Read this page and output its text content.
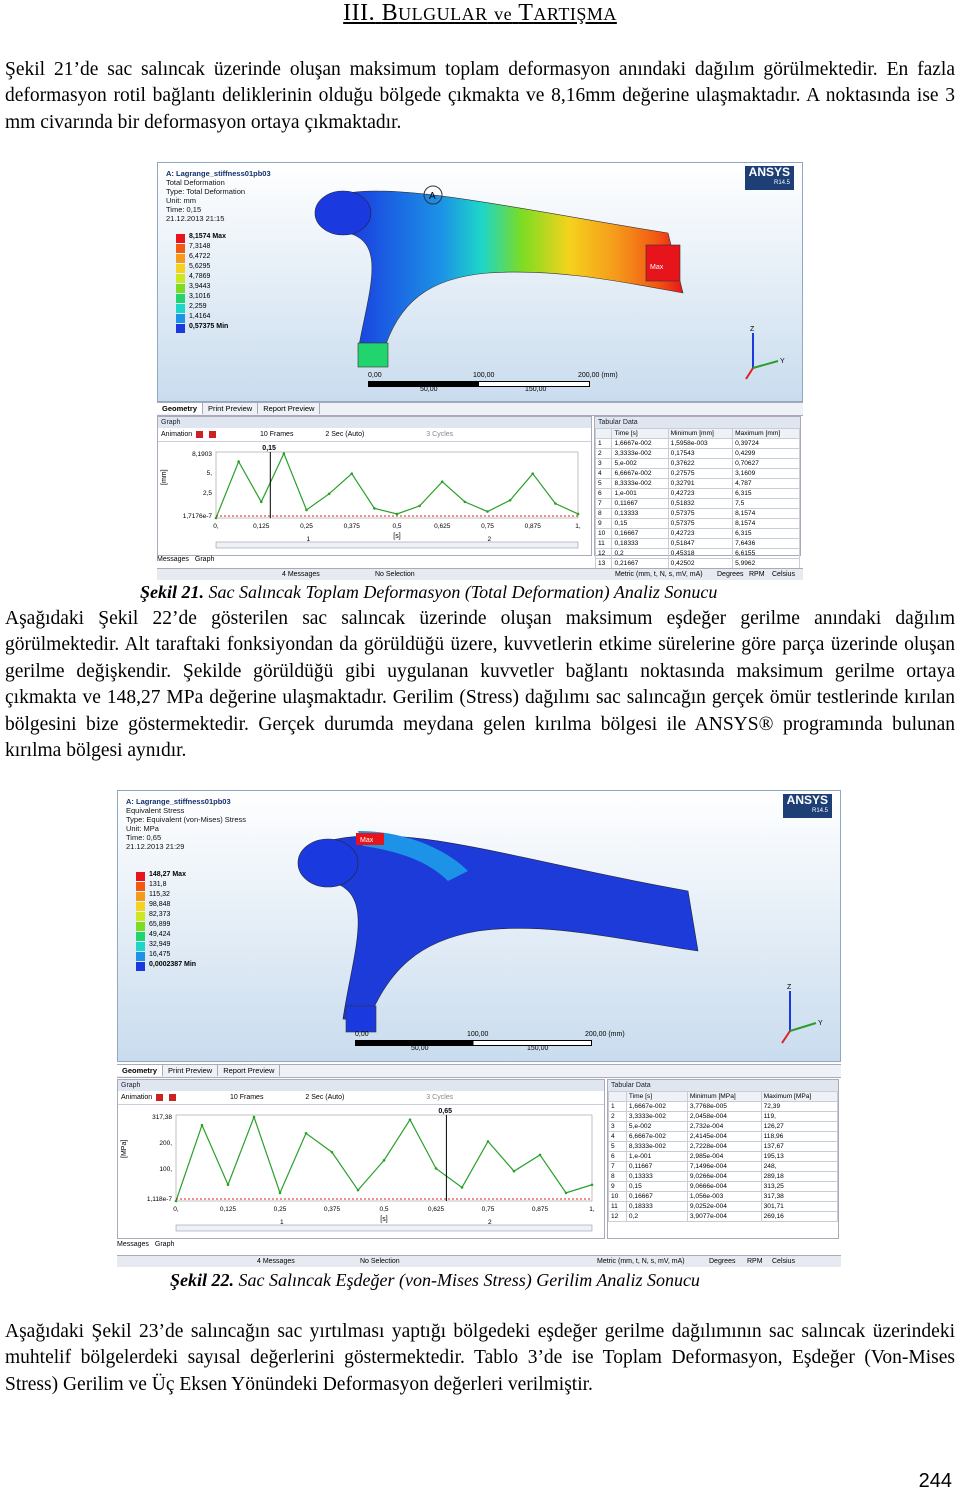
III. BULGULAR ve TARTIŞMA
Şekil 21’de sac salıncak üzerinde oluşan maksimum toplam deformasyon anındaki dağılım görülmektedir. En fazla deformasyon rotil bağlantı deliklerinin olduğu bölgede çıkmakta ve 8,16mm değerine ulaşmaktadır. A noktasında ise 3 mm civarında bir deformasyon ortaya çıkmaktadır.
A: Lagrange_stiffness01pb03
Total Deformation
Type: Total Deformation
Unit: mm
Time: 0,15
21.12.2013 21:15
8,1574 Max
7,3148
6,4722
5,6295
4,7869
3,9443
3,1016
2,259
1,4164
0,57375 Min
ANSYS
R14.5
A
Max
0,00	100,00	200,00 (mm)
50,00	150,00
Z
Y
Geometry Print Preview Report Preview
Graph
Animation	10 Frames	2 Sec (Auto)	3 Cycles
[mm]
8,1903
5,
2,5
1,7176e-7
0,	0,125	0,25	0,375	0,5	0,625	0,75	0,875	1,
[s]
0,15
1	2
Tabular Data
	Time [s]	Minimum [mm]	Maximum [mm]
1	1,6667e-002	1,5958e-003	0,39724
2	3,3333e-002	0,17543	0,4299
3	5,e-002	0,37622	0,70627
4	6,6667e-002	0,27575	3,1609
5	8,3333e-002	0,32791	4,787
6	1,e-001	0,42723	6,315
7	0,11667	0,51832	7,5
8	0,13333	0,57375	8,1574
9	0,15	0,57375	8,1574
10	0,16667	0,42723	6,315
11	0,18333	0,51847	7,6436
12	0,2	0,45318	6,6155
13	0,21667	0,42502	5,9962
Messages Graph
4 Messages	No Selection	Metric (mm, t, N, s, mV, mA) Degrees RPM Celsius
Şekil 21. Sac Salıncak Toplam Deformasyon (Total Deformation) Analiz Sonucu
Aşağıdaki Şekil 22’de gösterilen sac salıncak üzerinde oluşan maksimum eşdeğer gerilme anındaki dağılım görülmektedir. Alt taraftaki fonksiyondan da görüldüğü üzere, kuvvetlerin etkime sürelerine göre parça üzerinde oluşan gerilme değişkendir. Şekilde görüldüğü gibi uygulanan kuvvetler bağlantı noktasında maksimum gerilme ortaya çıkmakta ve 148,27 MPa değerine ulaşmaktadır. Gerilim (Stress) dağılımı sac salıncağın gerçek ömür testlerinde kırılan bölgesini bize göstermektedir. Gerçek durumda meydana gelen kırılma bölgesi ile ANSYS® programında bulunan kırılma bölgesi aynıdır.
A: Lagrange_stiffness01pb03
Equivalent Stress
Type: Equivalent (von-Mises) Stress
Unit: MPa
Time: 0,65
21.12.2013 21:29
148,27 Max
131,8
115,32
98,848
82,373
65,899
49,424
32,949
16,475
0,0002387 Min
ANSYS
R14.5
Max
0,00	100,00	200,00 (mm)
50,00	150,00
Z
Y
Geometry Print Preview Report Preview
Graph
Animation	10 Frames	2 Sec (Auto)	3 Cycles
[MPa]
317,38
200,
100,
1,118e-7
0,	0,125	0,25	0,375	0,5	0,625	0,75	0,875	1,
[s]
0,65
1	2
Tabular Data
	Time [s]	Minimum [MPa]	Maximum [MPa]
1	1,6667e-002	3,7768e-005	72,39
2	3,3333e-002	2,0458e-004	119,
3	5,e-002	2,732e-004	126,27
4	6,6667e-002	2,4145e-004	118,96
5	8,3333e-002	2,7228e-004	137,67
6	1,e-001	2,985e-004	195,13
7	0,11667	7,1496e-004	248,
8	0,13333	9,0266e-004	289,18
9	0,15	9,0666e-004	313,25
10	0,16667	1,056e-003	317,38
11	0,18333	9,0252e-004	301,71
12	0,2	3,9077e-004	269,16
Messages Graph
4 Messages	No Selection	Metric (mm, t, N, s, mV, mA)	Degrees RPM Celsius
Şekil 22. Sac Salıncak Eşdeğer (von-Mises Stress) Gerilim Analiz Sonucu
Aşağıdaki Şekil 23’de salıncağın sac yırtılması yaptığı bölgedeki eşdeğer gerilme dağılımının sac salıncak üzerindeki muhtelif bölgelerdeki sayısal değerlerini göstermektedir. Tablo 3’de ise Toplam Deformasyon, Eşdeğer (Von-Mises Stress) Gerilim ve Üç Eksen Yönündeki Deformasyon değerleri verilmiştir.
244
